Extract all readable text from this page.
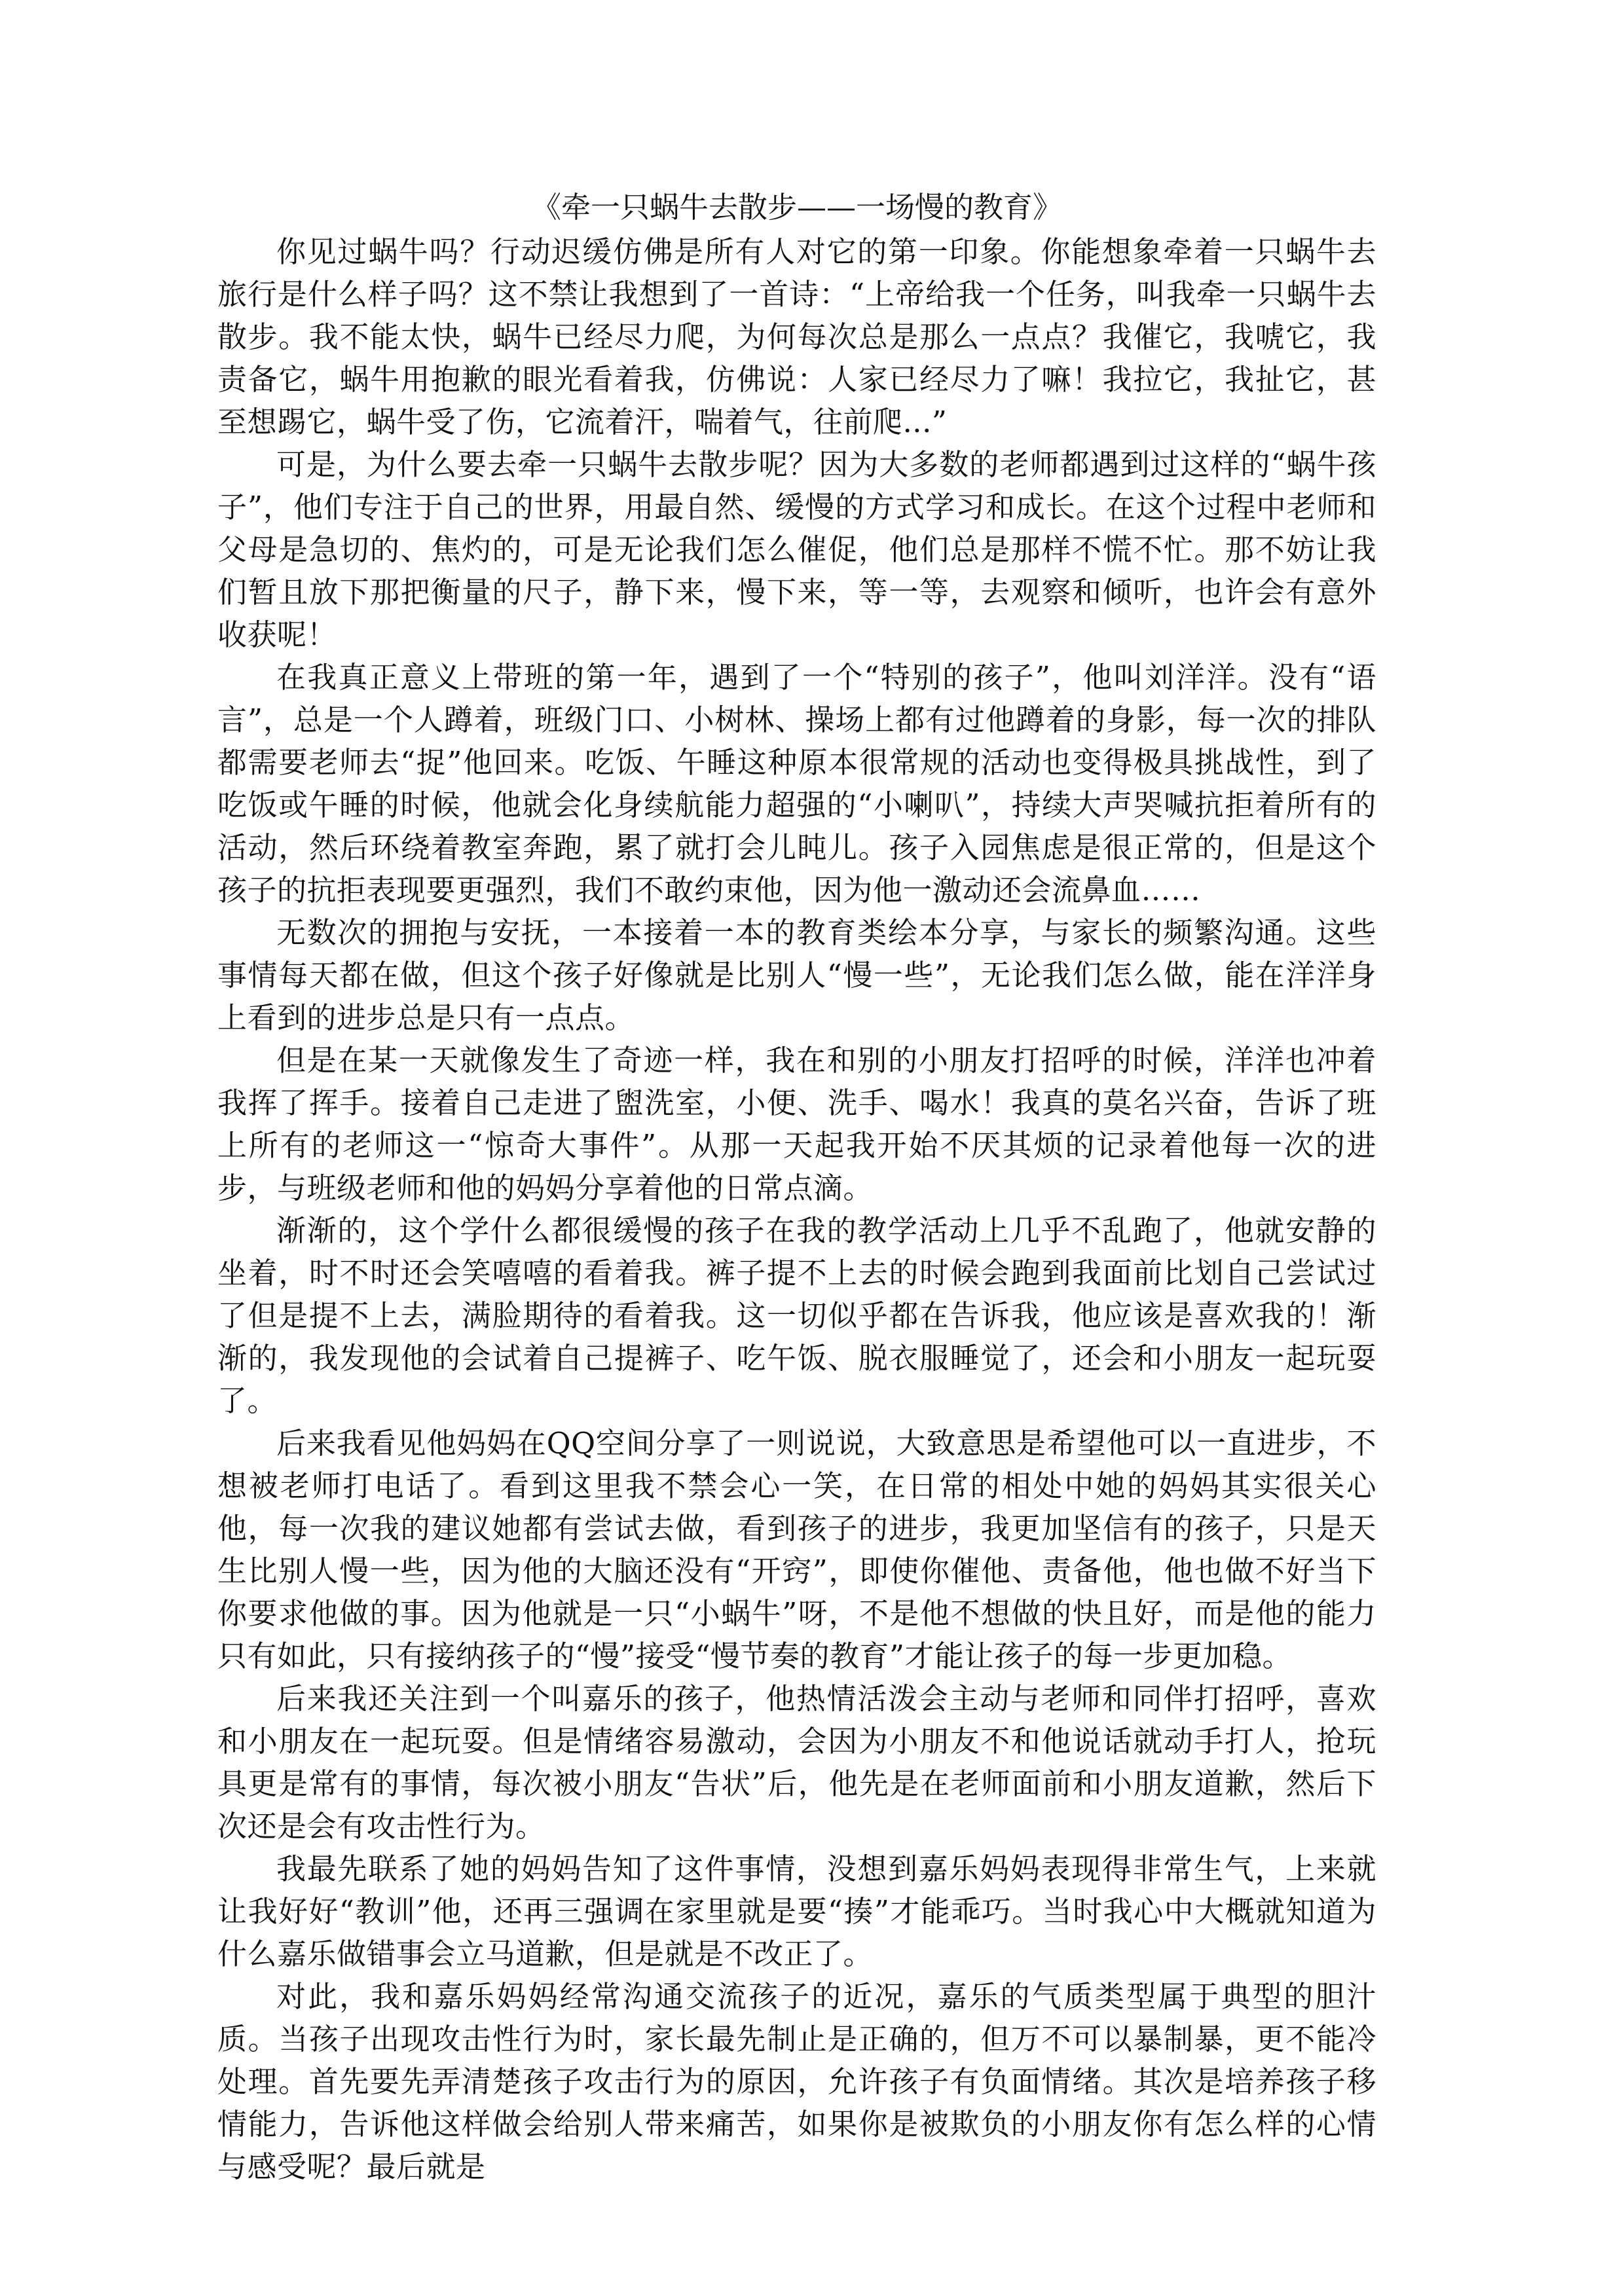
《牵一只蜗牛去散步——一场慢的教育》

你见过蜗牛吗？行动迟缓仿佛是所有人对它的第一印象。你能想象牵着一只蜗牛去旅行是什么样子吗？这不禁让我想到了一首诗：“上帝给我一个任务，叫我牵一只蜗牛去散步。我不能太快，蜗牛已经尽力爬，为何每次总是那么一点点？我催它，我唬它，我责备它，蜗牛用抱歉的眼光看着我，仿佛说：人家已经尽力了嘛！我拉它，我扯它，甚至想踢它，蜗牛受了伤，它流着汗，喘着气，往前爬...”

可是，为什么要去牵一只蜗牛去散步呢？因为大多数的老师都遇到过这样的“蜗牛孩子”，他们专注于自己的世界，用最自然、缓慢的方式学习和成长。在这个过程中老师和父母是急切的、焦灼的，可是无论我们怎么催促，他们总是那样不慌不忙。那不妨让我们暂且放下那把衡量的尺子，静下来，慢下来，等一等，去观察和倾听，也许会有意外收获呢！

在我真正意义上带班的第一年，遇到了一个“特别的孩子”，他叫刘洋洋。没有“语言”，总是一个人蹲着，班级门口、小树林、操场上都有过他蹲着的身影，每一次的排队都需要老师去“捉”他回来。吃饭、午睡这种原本很常规的活动也变得极具挑战性，到了吃饭或午睡的时候，他就会化身续航能力超强的“小喇叭”，持续大声哭喊抗拒着所有的活动，然后环绕着教室奔跑，累了就打会儿盹儿。孩子入园焦虑是很正常的，但是这个孩子的抗拒表现要更强烈，我们不敢约束他，因为他一激动还会流鼻血……

无数次的拥抱与安抚，一本接着一本的教育类绘本分享，与家长的频繁沟通。这些事情每天都在做，但这个孩子好像就是比别人“慢一些”，无论我们怎么做，能在洋洋身上看到的进步总是只有一点点。

但是在某一天就像发生了奇迹一样，我在和别的小朋友打招呼的时候，洋洋也冲着我挥了挥手。接着自己走进了盥洗室，小便、洗手、喝水！我真的莫名兴奋，告诉了班上所有的老师这一“惊奇大事件”。从那一天起我开始不厌其烦的记录着他每一次的进步，与班级老师和他的妈妈分享着他的日常点滴。

渐渐的，这个学什么都很缓慢的孩子在我的教学活动上几乎不乱跑了，他就安静的坐着，时不时还会笑嘻嘻的看着我。裤子提不上去的时候会跑到我面前比划自己尝试过了但是提不上去，满脸期待的看着我。这一切似乎都在告诉我，他应该是喜欢我的！渐渐的，我发现他的会试着自己提裤子、吃午饭、脱衣服睡觉了，还会和小朋友一起玩耍了。

后来我看见他妈妈在QQ空间分享了一则说说，大致意思是希望他可以一直进步，不想被老师打电话了。看到这里我不禁会心一笑，在日常的相处中她的妈妈其实很关心他，每一次我的建议她都有尝试去做，看到孩子的进步，我更加坚信有的孩子，只是天生比别人慢一些，因为他的大脑还没有“开窍”，即使你催他、责备他，他也做不好当下你要求他做的事。因为他就是一只“小蜗牛”呀，不是他不想做的快且好，而是他的能力只有如此，只有接纳孩子的“慢”接受“慢节奏的教育”才能让孩子的每一步更加稳。

后来我还关注到一个叫嘉乐的孩子，他热情活泼会主动与老师和同伴打招呼，喜欢和小朋友在一起玩耍。但是情绪容易激动，会因为小朋友不和他说话就动手打人，抢玩具更是常有的事情，每次被小朋友“告状”后，他先是在老师面前和小朋友道歉，然后下次还是会有攻击性行为。

我最先联系了她的妈妈告知了这件事情，没想到嘉乐妈妈表现得非常生气，上来就让我好好“教训”他，还再三强调在家里就是要“揍”才能乖巧。当时我心中大概就知道为什么嘉乐做错事会立马道歉，但是就是不改正了。

对此，我和嘉乐妈妈经常沟通交流孩子的近况，嘉乐的气质类型属于典型的胆汁质。当孩子出现攻击性行为时，家长最先制止是正确的，但万不可以暴制暴，更不能冷处理。首先要先弄清楚孩子攻击行为的原因，允许孩子有负面情绪。其次是培养孩子移情能力，告诉他这样做会给别人带来痛苦，如果你是被欺负的小朋友你有怎么样的心情与感受呢？最后就是
